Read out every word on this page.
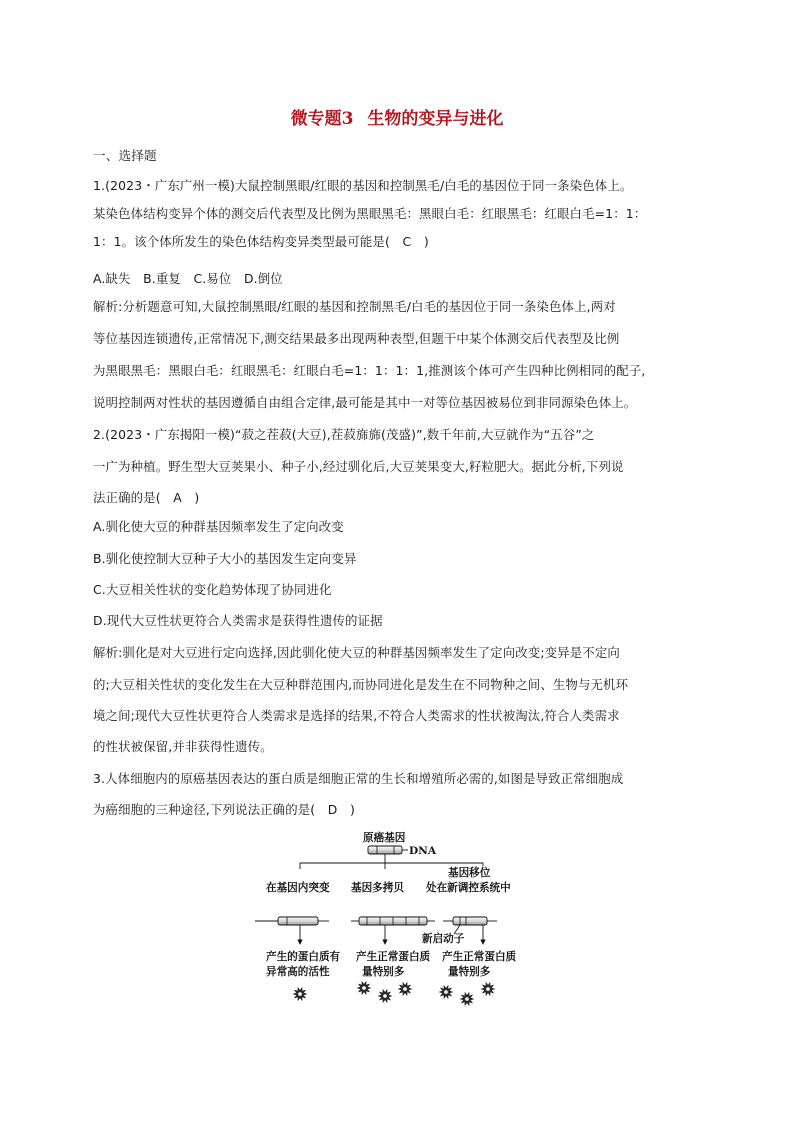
微专题3 生物的变异与进化
一、选择题
1.(2023・广东广州一模)大鼠控制黑眼/红眼的基因和控制黑毛/白毛的基因位于同一条染色体上。
某染色体结构变异个体的测交后代表型及比例为黑眼黑毛：黑眼白毛：红眼黑毛：红眼白毛=1：1：
1：1。该个体所发生的染色体结构变异类型最可能是(　C　)
A.缺失　B.重复　C.易位　D.倒位
解析:分析题意可知,大鼠控制黑眼/红眼的基因和控制黑毛/白毛的基因位于同一条染色体上,两对
等位基因连锁遗传,正常情况下,测交结果最多出现两种表型,但题干中某个体测交后代表型及比例
为黑眼黑毛：黑眼白毛：红眼黑毛：红眼白毛=1：1：1：1,推测该个体可产生四种比例相同的配子,
说明控制两对性状的基因遵循自由组合定律,最可能是其中一对等位基因被易位到非同源染色体上。
2.(2023・广东揭阳一模)“菽之茬菽(大豆),茬菽旆旆(茂盛)”,数千年前,大豆就作为“五谷”之
一广为种植。野生型大豆荚果小、种子小,经过驯化后,大豆荚果变大,籽粒肥大。据此分析,下列说
法正确的是(　A　)
A.驯化使大豆的种群基因频率发生了定向改变
B.驯化使控制大豆种子大小的基因发生定向变异
C.大豆相关性状的变化趋势体现了协同进化
D.现代大豆性状更符合人类需求是获得性遗传的证据
解析:驯化是对大豆进行定向选择,因此驯化使大豆的种群基因频率发生了定向改变;变异是不定向
的;大豆相关性状的变化发生在大豆种群范围内,而协同进化是发生在不同物种之间、生物与无机环
境之间;现代大豆性状更符合人类需求是选择的结果,不符合人类需求的性状被淘汰,符合人类需求
的性状被保留,并非获得性遗传。
3.人体细胞内的原癌基因表达的蛋白质是细胞正常的生长和增殖所必需的,如图是导致正常细胞成
为癌细胞的三种途径,下列说法正确的是(　D　)
原癌基因
DNA
在基因内突变 基因多拷贝
基因移位
处在新调控系统中
新启动子
产生的蛋白质有
异常高的活性
产生正常蛋白质
量特别多
产生正常蛋白质
量特别多
